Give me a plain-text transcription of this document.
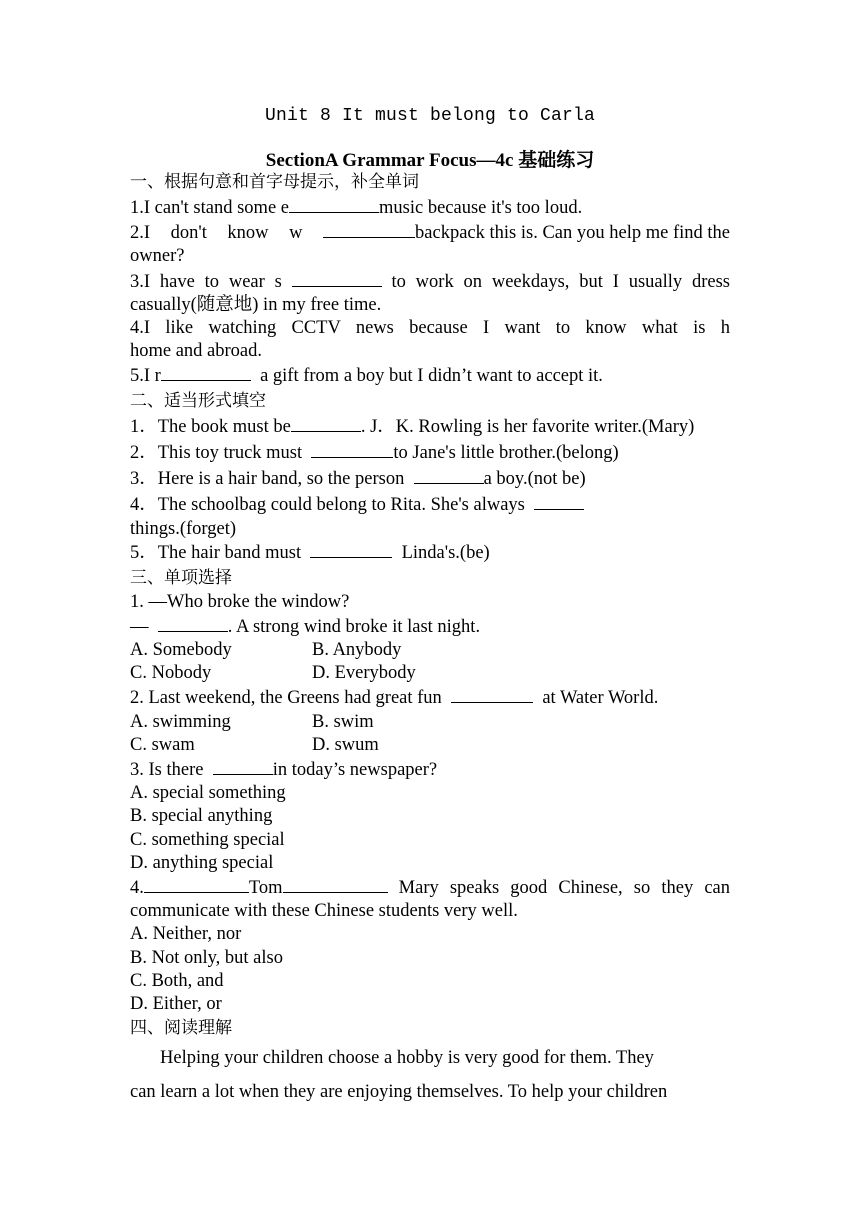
Unit 8 It must belong to Carla
SectionA Grammar Focus—4c 基础练习
一、根据句意和首字母提示，补全单词
1.I can't stand some e	music because it's too loud.
2.I don't know w	backpack this is. Can you help me find the
owner?
3.I have to wear s	to work on weekdays, but I usually dress
casually(随意地) in my free time.
4.I like watching CCTV news because I want to know what is h
home and abroad.
5.I r	a gift from a boy but I didn’t want to accept it.
二、适当形式填空
1．The book must be	. J．K. Rowling is her favorite writer.(Mary)
2．This toy truck must	to Jane's little brother.(belong)
3．Here is a hair band, so the person	a boy.(not be)
4．The schoolbag could belong to Rita. She's always
things.(forget)
5．The hair band must	Linda's.(be)
三、单项选择
1. —Who broke the window?
—	. A strong wind broke it last night.
A. Somebody	B. Anybody
C. Nobody	D. Everybody
2. Last weekend, the Greens had great fun	at Water World.
A. swimming	B. swim
C. swam	D. swum
3. Is there	in today’s newspaper?
A. special something
B. special anything
C. something special
D. anything special
4.	Tom	Mary speaks good Chinese, so they can
communicate with these Chinese students very well.
A. Neither, nor
B. Not only, but also
C. Both, and
D. Either, or
四、阅读理解
Helping your children choose a hobby is very good for them. They
can learn a lot when they are enjoying themselves. To help your children
